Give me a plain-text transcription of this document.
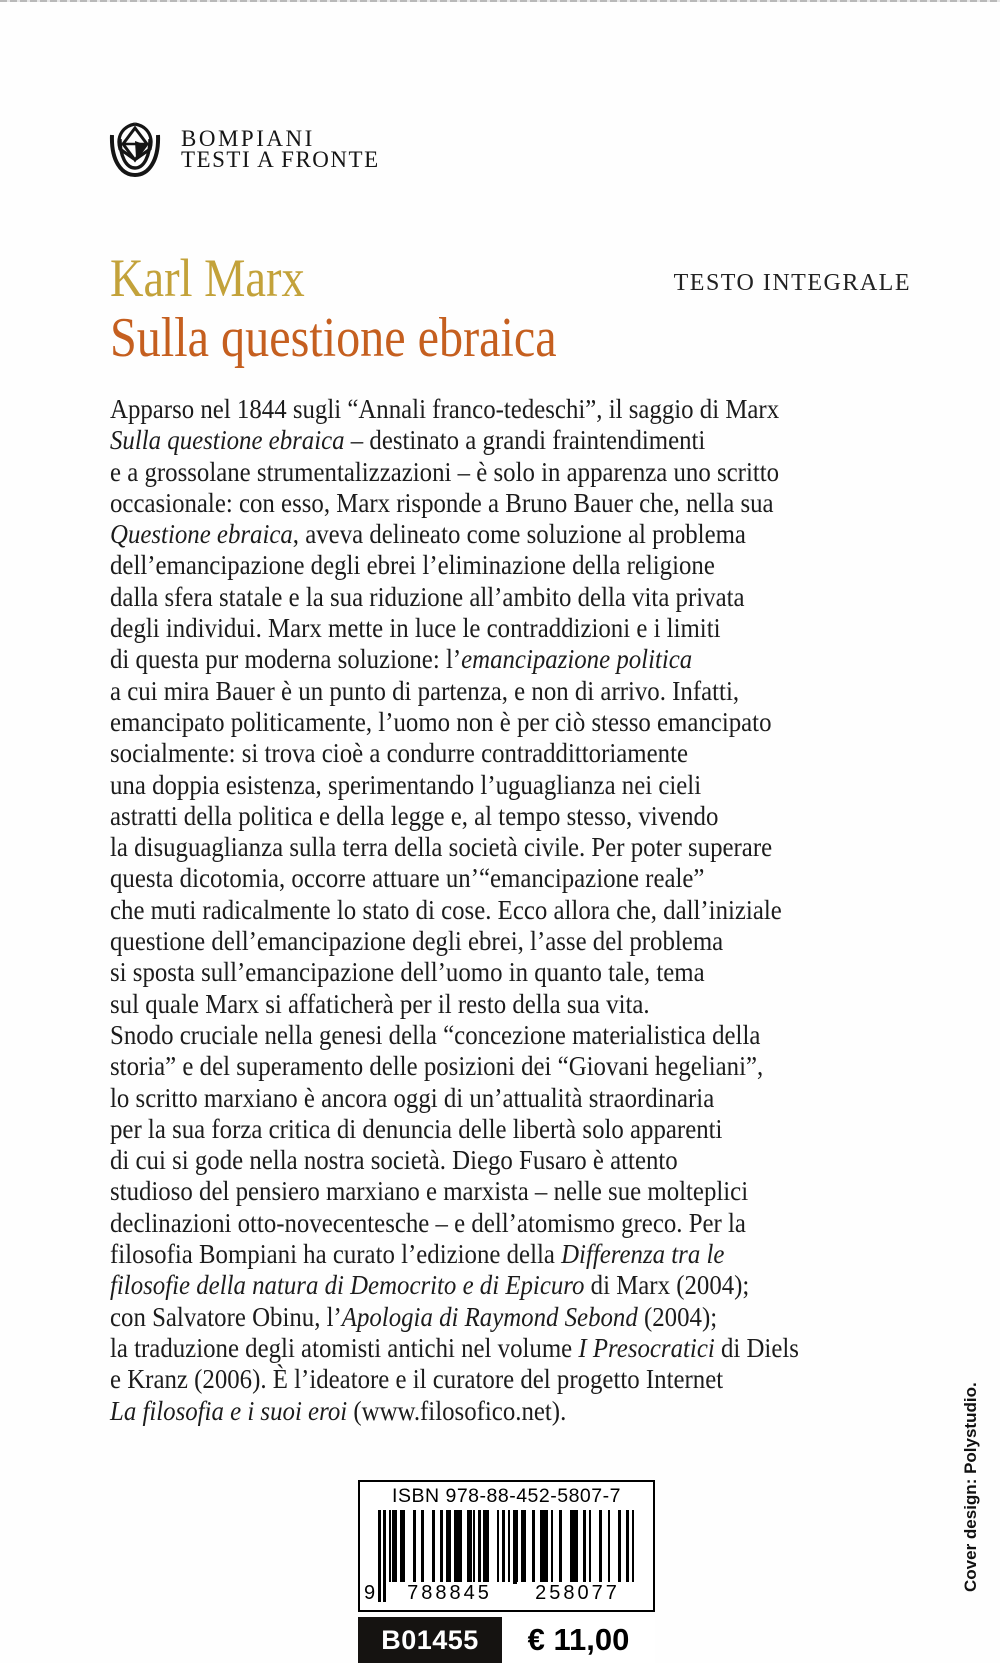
BOMPIANI
TESTI A FRONTE
TESTO INTEGRALE
Karl Marx
Sulla questione ebraica
Apparso nel 1844 sugli “Annali franco-tedeschi”, il saggio di Marx
Sulla questione ebraica – destinato a grandi fraintendimenti
e a grossolane strumentalizzazioni – è solo in apparenza uno scritto
occasionale: con esso, Marx risponde a Bruno Bauer che, nella sua
Questione ebraica, aveva delineato come soluzione al problema
dell’emancipazione degli ebrei l’eliminazione della religione
dalla sfera statale e la sua riduzione all’ambito della vita privata
degli individui. Marx mette in luce le contraddizioni e i limiti
di questa pur moderna soluzione: l’emancipazione politica
a cui mira Bauer è un punto di partenza, e non di arrivo. Infatti,
emancipato politicamente, l’uomo non è per ciò stesso emancipato
socialmente: si trova cioè a condurre contraddittoriamente
una doppia esistenza, sperimentando l’uguaglianza nei cieli
astratti della politica e della legge e, al tempo stesso, vivendo
la disuguaglianza sulla terra della società civile. Per poter superare
questa dicotomia, occorre attuare un’“emancipazione reale”
che muti radicalmente lo stato di cose. Ecco allora che, dall’iniziale
questione dell’emancipazione degli ebrei, l’asse del problema
si sposta sull’emancipazione dell’uomo in quanto tale, tema
sul quale Marx si affaticherà per il resto della sua vita.
Snodo cruciale nella genesi della “concezione materialistica della
storia” e del superamento delle posizioni dei “Giovani hegeliani”,
lo scritto marxiano è ancora oggi di un’attualità straordinaria
per la sua forza critica di denuncia delle libertà solo apparenti
di cui si gode nella nostra società. Diego Fusaro è attento
studioso del pensiero marxiano e marxista – nelle sue molteplici
declinazioni otto-novecentesche – e dell’atomismo greco. Per la
filosofia Bompiani ha curato l’edizione della Differenza tra le
filosofie della natura di Democrito e di Epicuro di Marx (2004);
con Salvatore Obinu, l’Apologia di Raymond Sebond (2004);
la traduzione degli atomisti antichi nel volume I Presocratici di Diels
e Kranz (2006). È l’ideatore e il curatore del progetto Internet
La filosofia e i suoi eroi (www.filosofico.net).
ISBN 978-88-452-5807-7
9	788845	258077
B01455	€ 11,00
Cover design: Polystudio.
